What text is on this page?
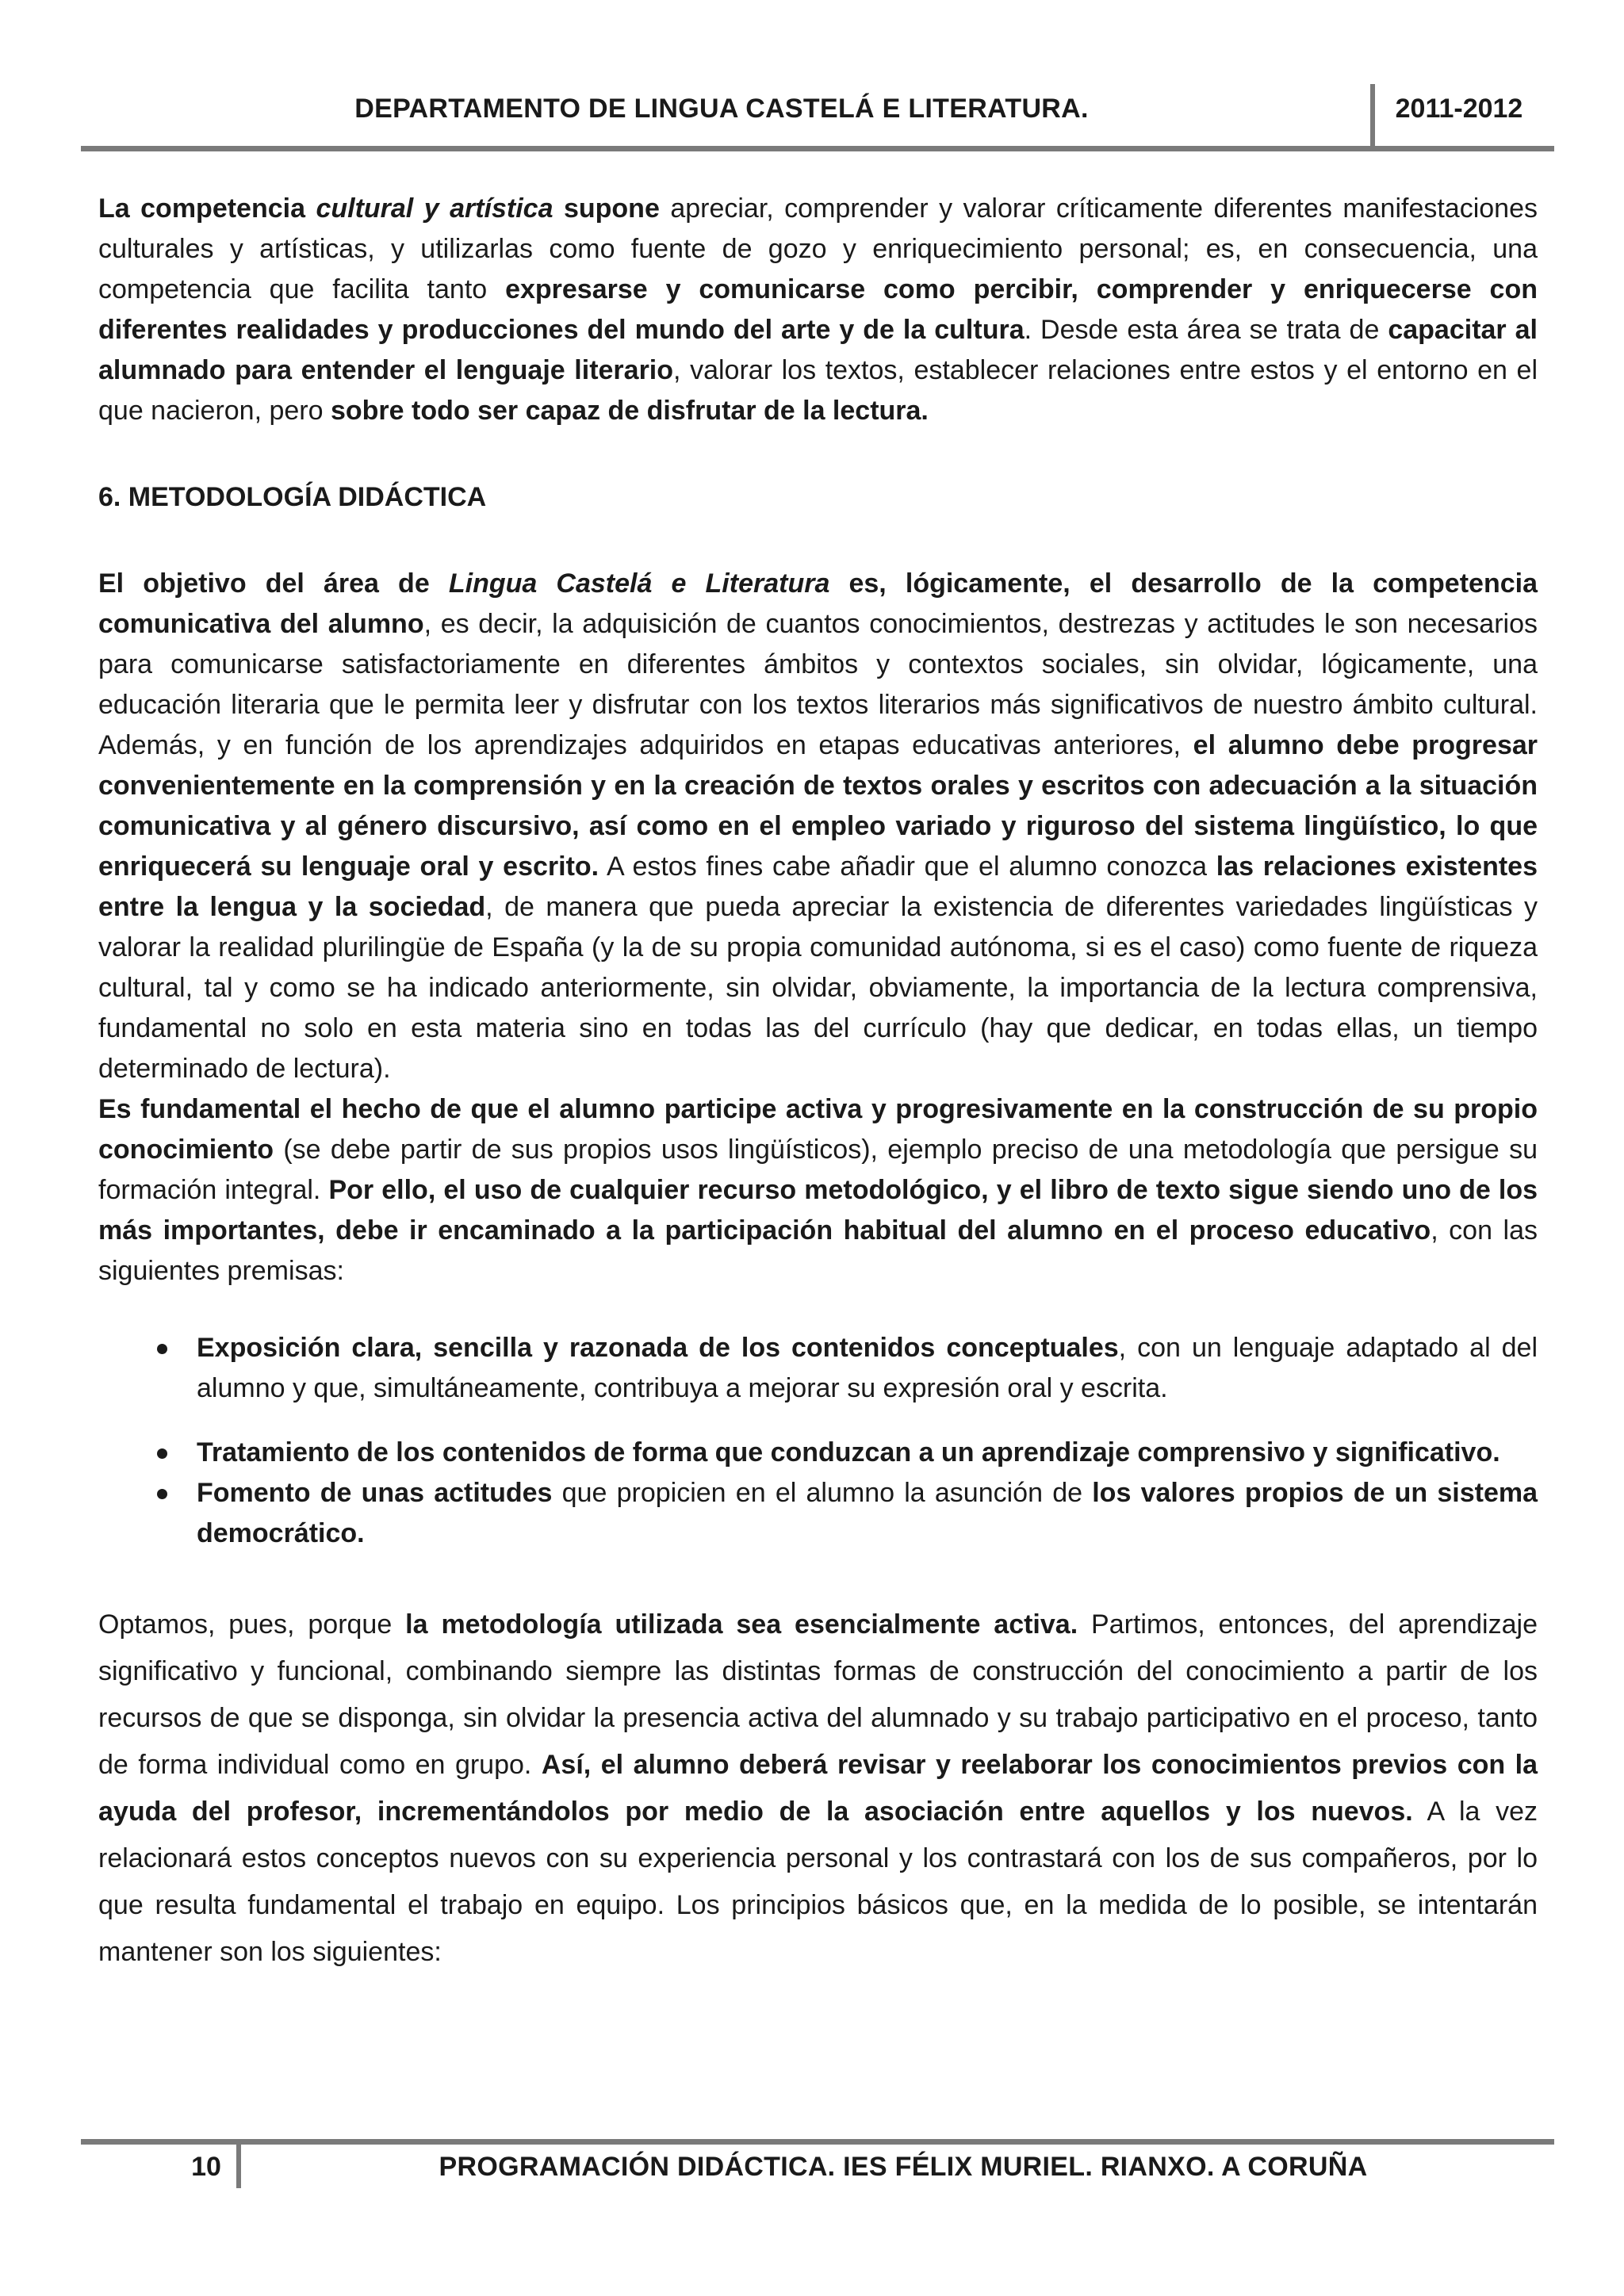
DEPARTAMENTO DE LINGUA CASTELÁ E LITERATURA.	2011-2012

La competencia cultural y artística supone apreciar, comprender y valorar críticamente diferentes manifestaciones culturales y artísticas, y utilizarlas como fuente de gozo y enriquecimiento personal; es, en consecuencia, una competencia que facilita tanto expresarse y comunicarse como percibir, comprender y enriquecerse con diferentes realidades y producciones del mundo del arte y de la cultura. Desde esta área se trata de capacitar al alumnado para entender el lenguaje literario, valorar los textos, establecer relaciones entre estos y el entorno en el que nacieron, pero sobre todo ser capaz de disfrutar de la lectura.

6. METODOLOGÍA DIDÁCTICA

El objetivo del área de Lingua Castelá e Literatura es, lógicamente, el desarrollo de la competencia comunicativa del alumno, es decir, la adquisición de cuantos conocimientos, destrezas y actitudes le son necesarios para comunicarse satisfactoriamente en diferentes ámbitos y contextos sociales, sin olvidar, lógicamente, una educación literaria que le permita leer y disfrutar con los textos literarios más significativos de nuestro ámbito cultural. Además, y en función de los aprendizajes adquiridos en etapas educativas anteriores, el alumno debe progresar convenientemente en la comprensión y en la creación de textos orales y escritos con adecuación a la situación comunicativa y al género discursivo, así como en el empleo variado y riguroso del sistema lingüístico, lo que enriquecerá su lenguaje oral y escrito. A estos fines cabe añadir que el alumno conozca las relaciones existentes entre la lengua y la sociedad, de manera que pueda apreciar la existencia de diferentes variedades lingüísticas y valorar la realidad plurilingüe de España (y la de su propia comunidad autónoma, si es el caso) como fuente de riqueza cultural, tal y como se ha indicado anteriormente, sin olvidar, obviamente, la importancia de la lectura comprensiva, fundamental no solo en esta materia sino en todas las del currículo (hay que dedicar, en todas ellas, un tiempo determinado de lectura).

Es fundamental el hecho de que el alumno participe activa y progresivamente en la construcción de su propio conocimiento (se debe partir de sus propios usos lingüísticos), ejemplo preciso de una metodología que persigue su formación integral. Por ello, el uso de cualquier recurso metodológico, y el libro de texto sigue siendo uno de los más importantes, debe ir encaminado a la participación habitual del alumno en el proceso educativo, con las siguientes premisas:

Exposición clara, sencilla y razonada de los contenidos conceptuales, con un lenguaje adaptado al del alumno y que, simultáneamente, contribuya a mejorar su expresión oral y escrita.
Tratamiento de los contenidos de forma que conduzcan a un aprendizaje comprensivo y significativo.
Fomento de unas actitudes que propicien en el alumno la asunción de los valores propios de un sistema democrático.

Optamos, pues, porque la metodología utilizada sea esencialmente activa. Partimos, entonces, del aprendizaje significativo y funcional, combinando siempre las distintas formas de construcción del conocimiento a partir de los recursos de que se disponga, sin olvidar la presencia activa del alumnado y su trabajo participativo en el proceso, tanto de forma individual como en grupo. Así, el alumno deberá revisar y reelaborar los conocimientos previos con la ayuda del profesor, incrementándolos por medio de la asociación entre aquellos y los nuevos. A la vez relacionará estos conceptos nuevos con su experiencia personal y los contrastará con los de sus compañeros, por lo que resulta fundamental el trabajo en equipo. Los principios básicos que, en la medida de lo posible, se intentarán mantener son los siguientes:

10	PROGRAMACIÓN DIDÁCTICA. IES FÉLIX MURIEL. RIANXO. A CORUÑA
